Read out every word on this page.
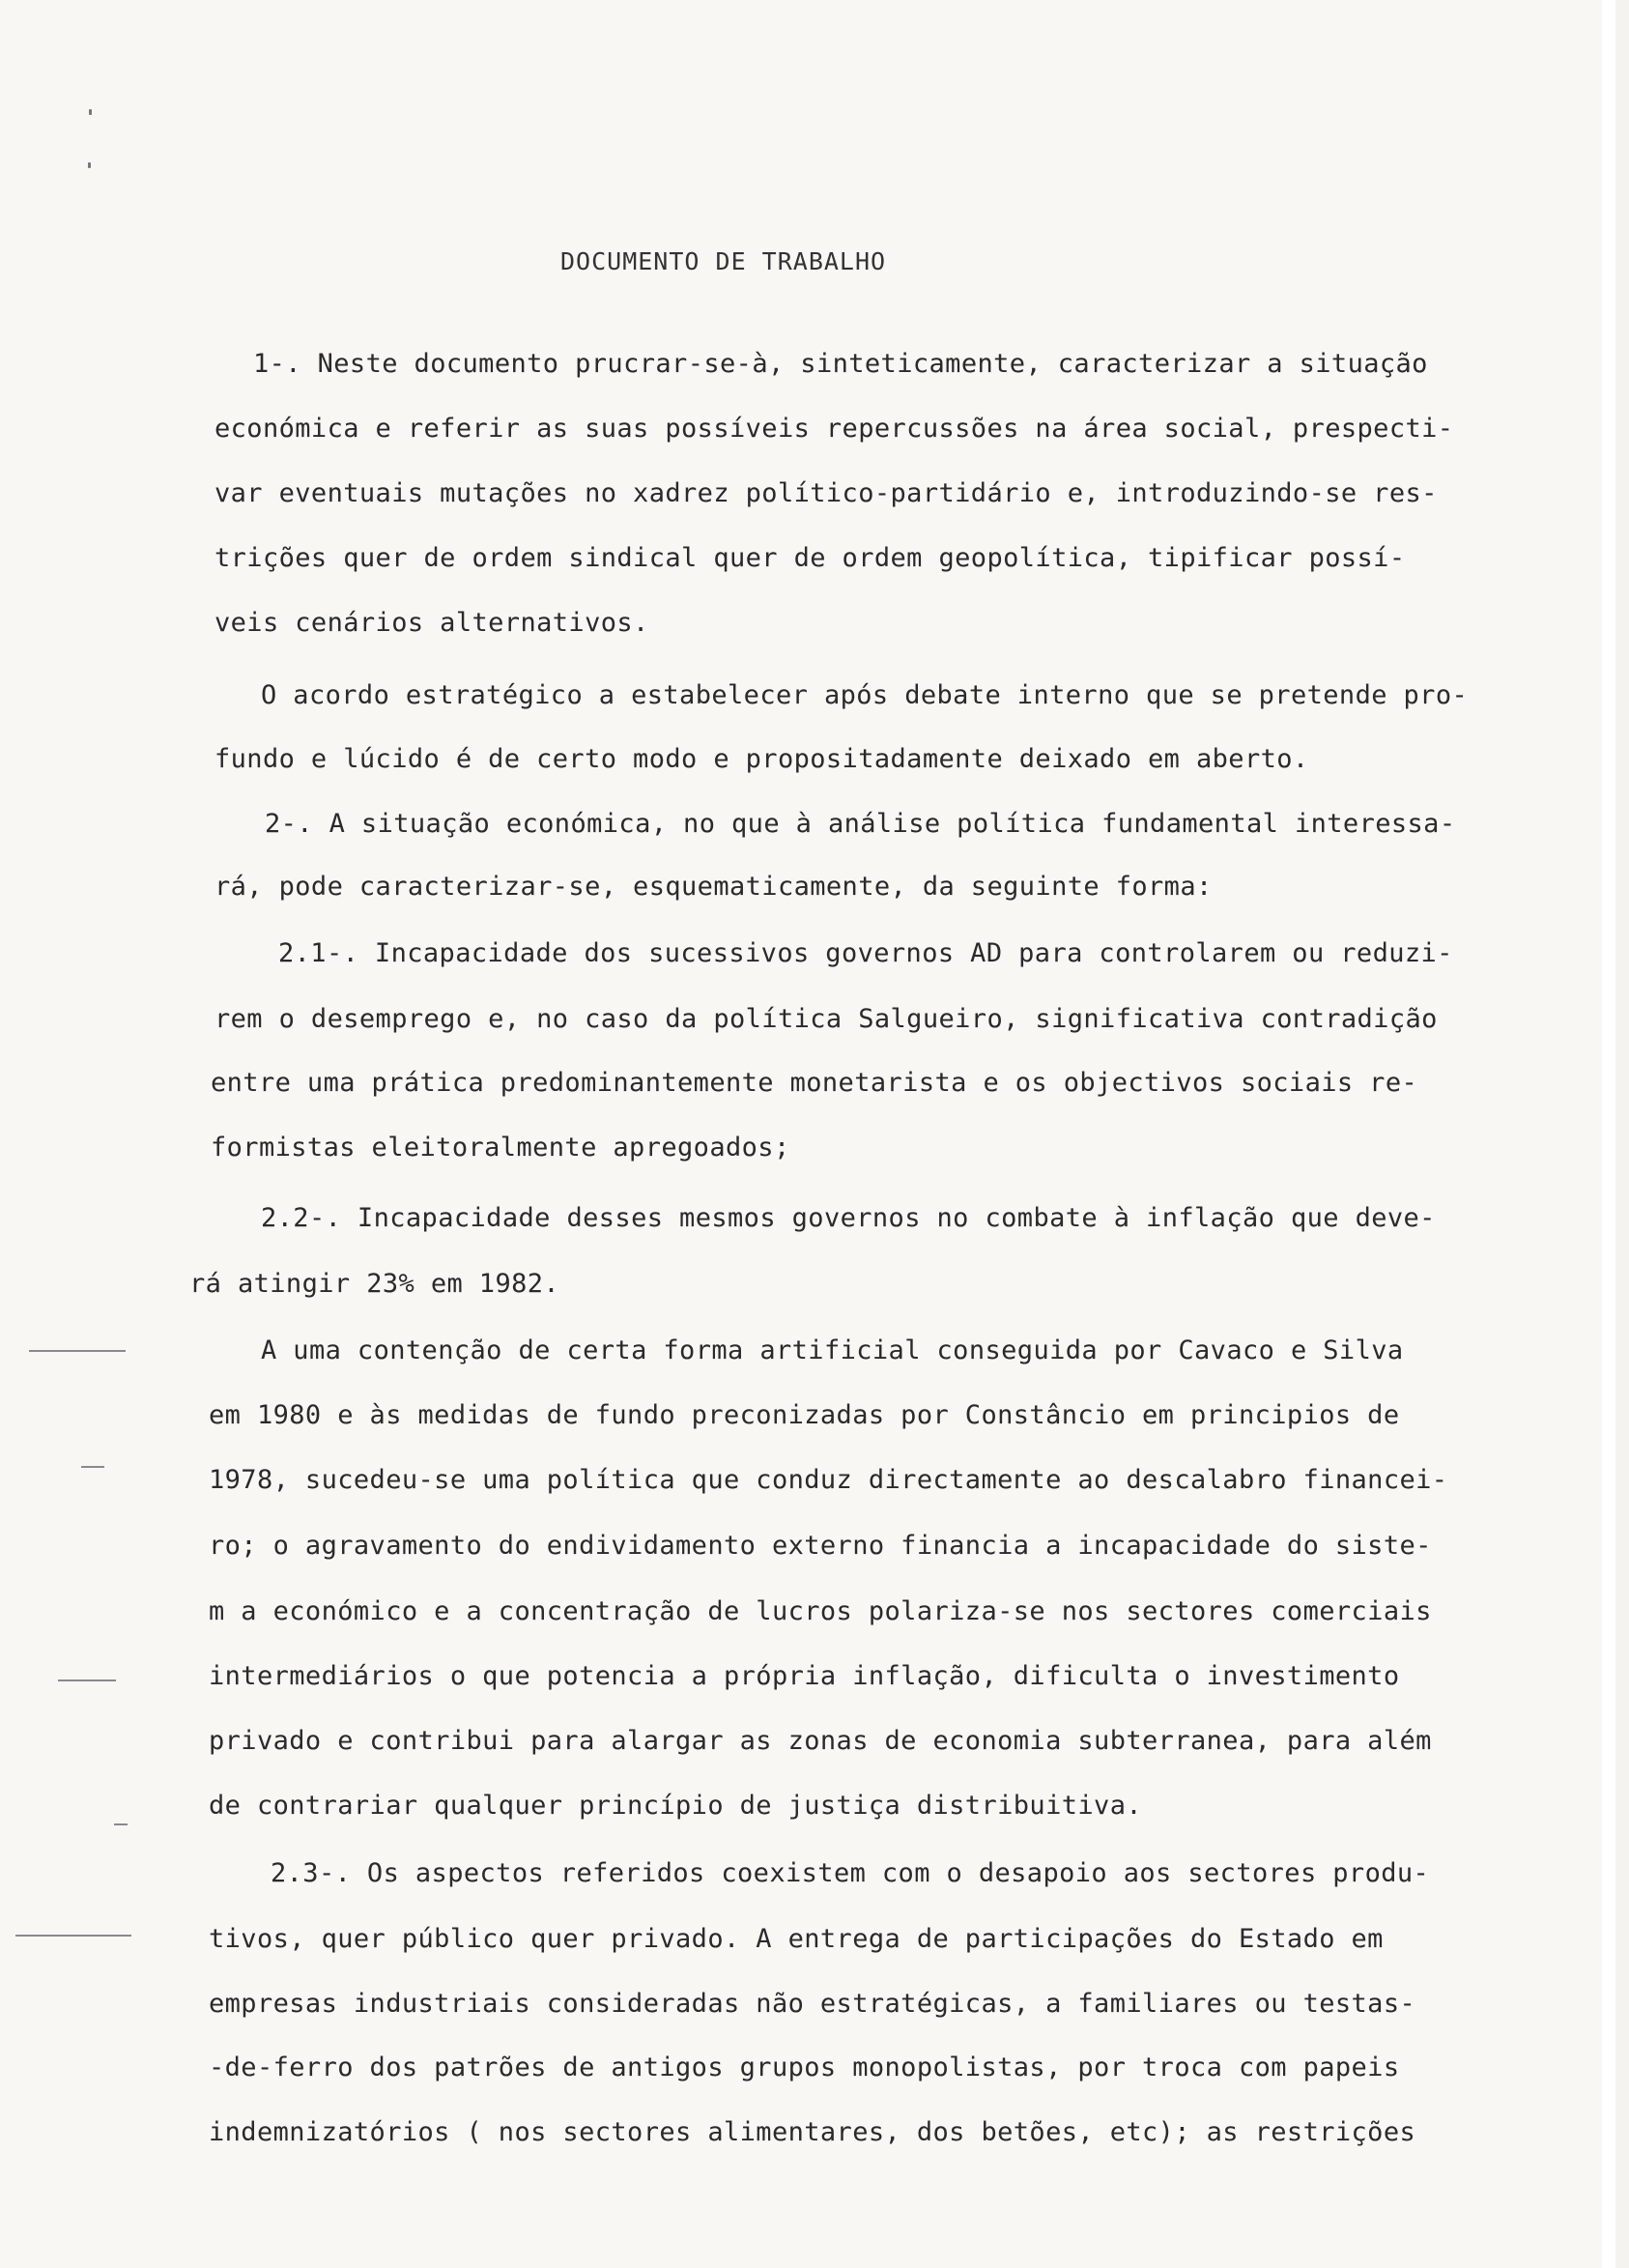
DOCUMENTO DE TRABALHO
1-. Neste documento prucrar-se-à, sinteticamente, caracterizar a situação
económica e referir as suas possíveis repercussões na área social, prespecti-
var eventuais mutações no xadrez político-partidário e, introduzindo-se res-
trições quer de ordem sindical quer de ordem geopolítica, tipificar possí-
veis cenários alternativos.
O acordo estratégico a estabelecer após debate interno que se pretende pro-
fundo e lúcido é de certo modo e propositadamente deixado em aberto.
2-. A situação económica, no que à análise política fundamental interessa-
rá, pode caracterizar-se, esquematicamente, da seguinte forma:
2.1-. Incapacidade dos sucessivos governos AD para controlarem ou reduzi-
rem o desemprego e, no caso da política Salgueiro, significativa contradição
entre uma prática predominantemente monetarista e os objectivos sociais re-
formistas eleitoralmente apregoados;
2.2-. Incapacidade desses mesmos governos no combate à inflação que deve-
rá atingir 23% em 1982.
A uma contenção de certa forma artificial conseguida por Cavaco e Silva
em 1980 e às medidas de fundo preconizadas por Constâncio em principios de
1978, sucedeu-se uma política que conduz directamente ao descalabro financei-
ro; o agravamento do endividamento externo financia a incapacidade do siste-
m a económico e a concentração de lucros polariza-se nos sectores comerciais
intermediários o que potencia a própria inflação, dificulta o investimento
privado e contribui para alargar as zonas de economia subterranea, para além
de contrariar qualquer princípio de justiça distribuitiva.
2.3-. Os aspectos referidos coexistem com o desapoio aos sectores produ-
tivos, quer público quer privado. A entrega de participações do Estado em
empresas industriais consideradas não estratégicas, a familiares ou testas-
-de-ferro dos patrões de antigos grupos monopolistas, por troca com papeis
indemnizatórios ( nos sectores alimentares, dos betões, etc); as restrições
